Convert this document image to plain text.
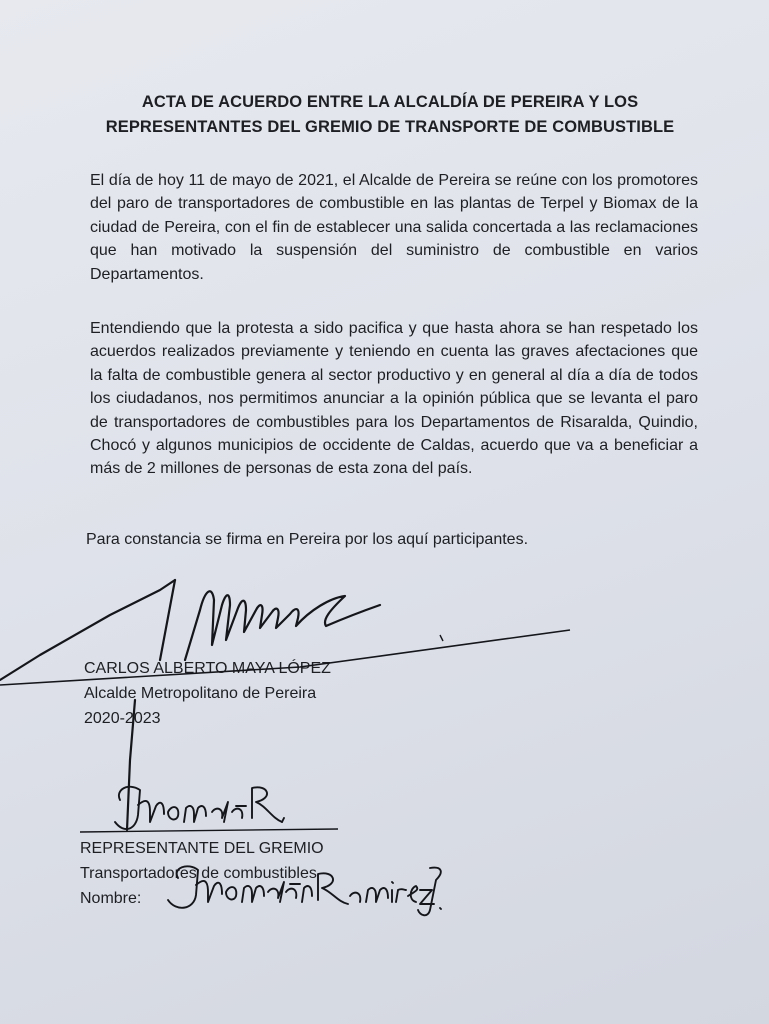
ACTA DE ACUERDO ENTRE LA ALCALDÍA DE PEREIRA Y LOS
REPRESENTANTES DEL GREMIO DE TRANSPORTE DE COMBUSTIBLE

El día de hoy 11 de mayo de 2021, el Alcalde de Pereira se reúne con los promotores del paro de transportadores de combustible en las plantas de Terpel y Biomax de la ciudad de Pereira, con el fin de establecer una salida concertada a las reclamaciones que han motivado la suspensión del suministro de combustible en varios Departamentos.

Entendiendo que la protesta a sido pacifica y que hasta ahora se han respetado los acuerdos realizados previamente y teniendo en cuenta las graves afectaciones que la falta de combustible genera al sector productivo y en general al día a día de todos los ciudadanos, nos permitimos anunciar a la opinión pública que se levanta el paro de transportadores de combustibles para los Departamentos de Risaralda, Quindio, Chocó y algunos municipios de occidente de Caldas, acuerdo que va a beneficiar a más de 2 millones de personas de esta zona del país.

Para constancia se firma en Pereira por los aquí participantes.

CARLOS ALBERTO MAYA LÓPEZ
Alcalde Metropolitano de Pereira
2020-2023
REPRESENTANTE DEL GREMIO
Transportadores de combustibles
Nombre:
